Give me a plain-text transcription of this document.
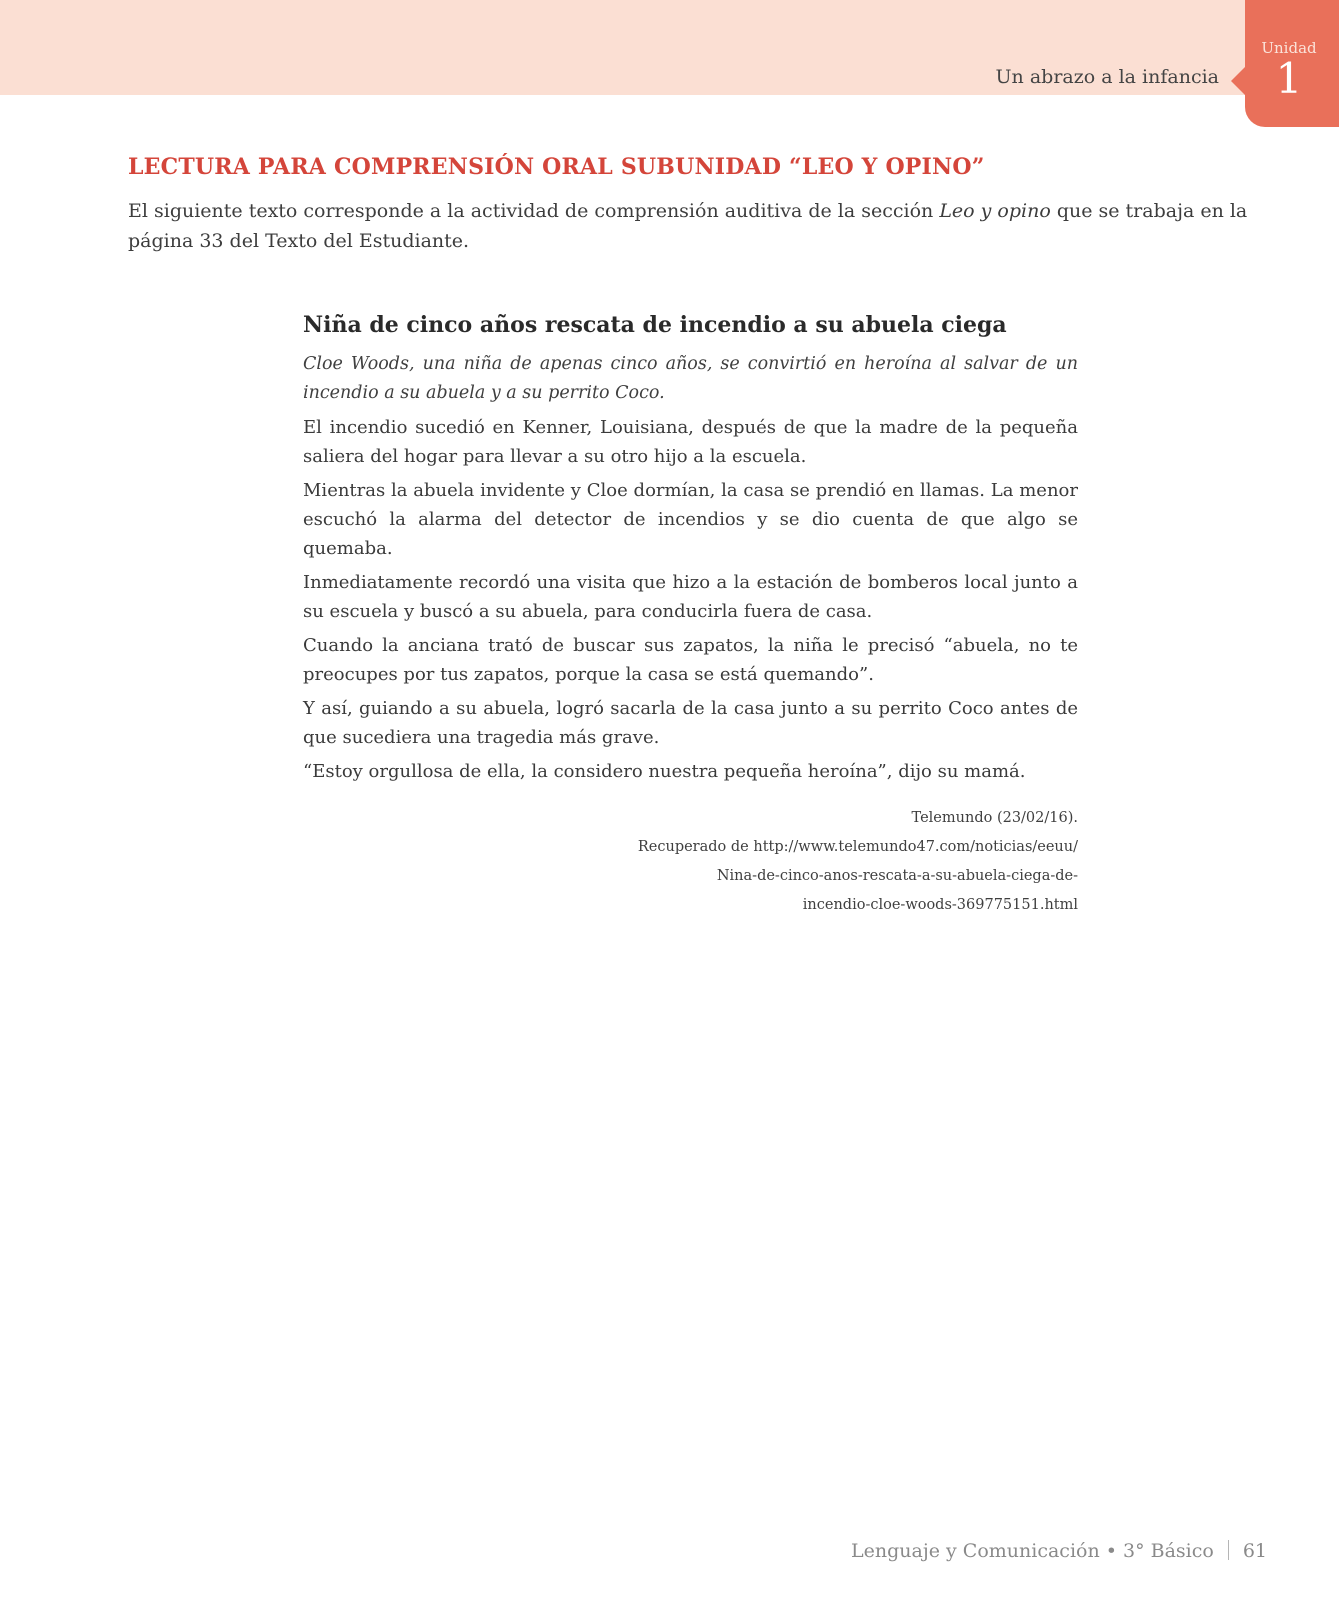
Un abrazo a la infancia
Unidad
1
LECTURA PARA COMPRENSIÓN ORAL SUBUNIDAD “LEO Y OPINO”

El siguiente texto corresponde a la actividad de comprensión auditiva de la sección Leo y opino que se trabaja en la página 33 del Texto del Estudiante.

Niña de cinco años rescata de incendio a su abuela ciega

Cloe Woods, una niña de apenas cinco años, se convirtió en heroína al salvar de un incendio a su abuela y a su perrito Coco.

El incendio sucedió en Kenner, Louisiana, después de que la madre de la pequeña saliera del hogar para llevar a su otro hijo a la escuela.

Mientras la abuela invidente y Cloe dormían, la casa se prendió en llamas. La menor escuchó la alarma del detector de incendios y se dio cuenta de que algo se quemaba.

Inmediatamente recordó una visita que hizo a la estación de bomberos local junto a su escuela y buscó a su abuela, para conducirla fuera de casa.

Cuando la anciana trató de buscar sus zapatos, la niña le precisó “abuela, no te preocupes por tus zapatos, porque la casa se está quemando”.

Y así, guiando a su abuela, logró sacarla de la casa junto a su perrito Coco antes de que sucediera una tragedia más grave.

“Estoy orgullosa de ella, la considero nuestra pequeña heroína”, dijo su mamá.

Telemundo (23/02/16).
Recuperado de http://www.telemundo47.com/noticias/eeuu/
Nina-de-cinco-anos-rescata-a-su-abuela-ciega-de-
incendio-cloe-woods-369775151.html
Lenguaje y Comunicación • 3° Básico 61
